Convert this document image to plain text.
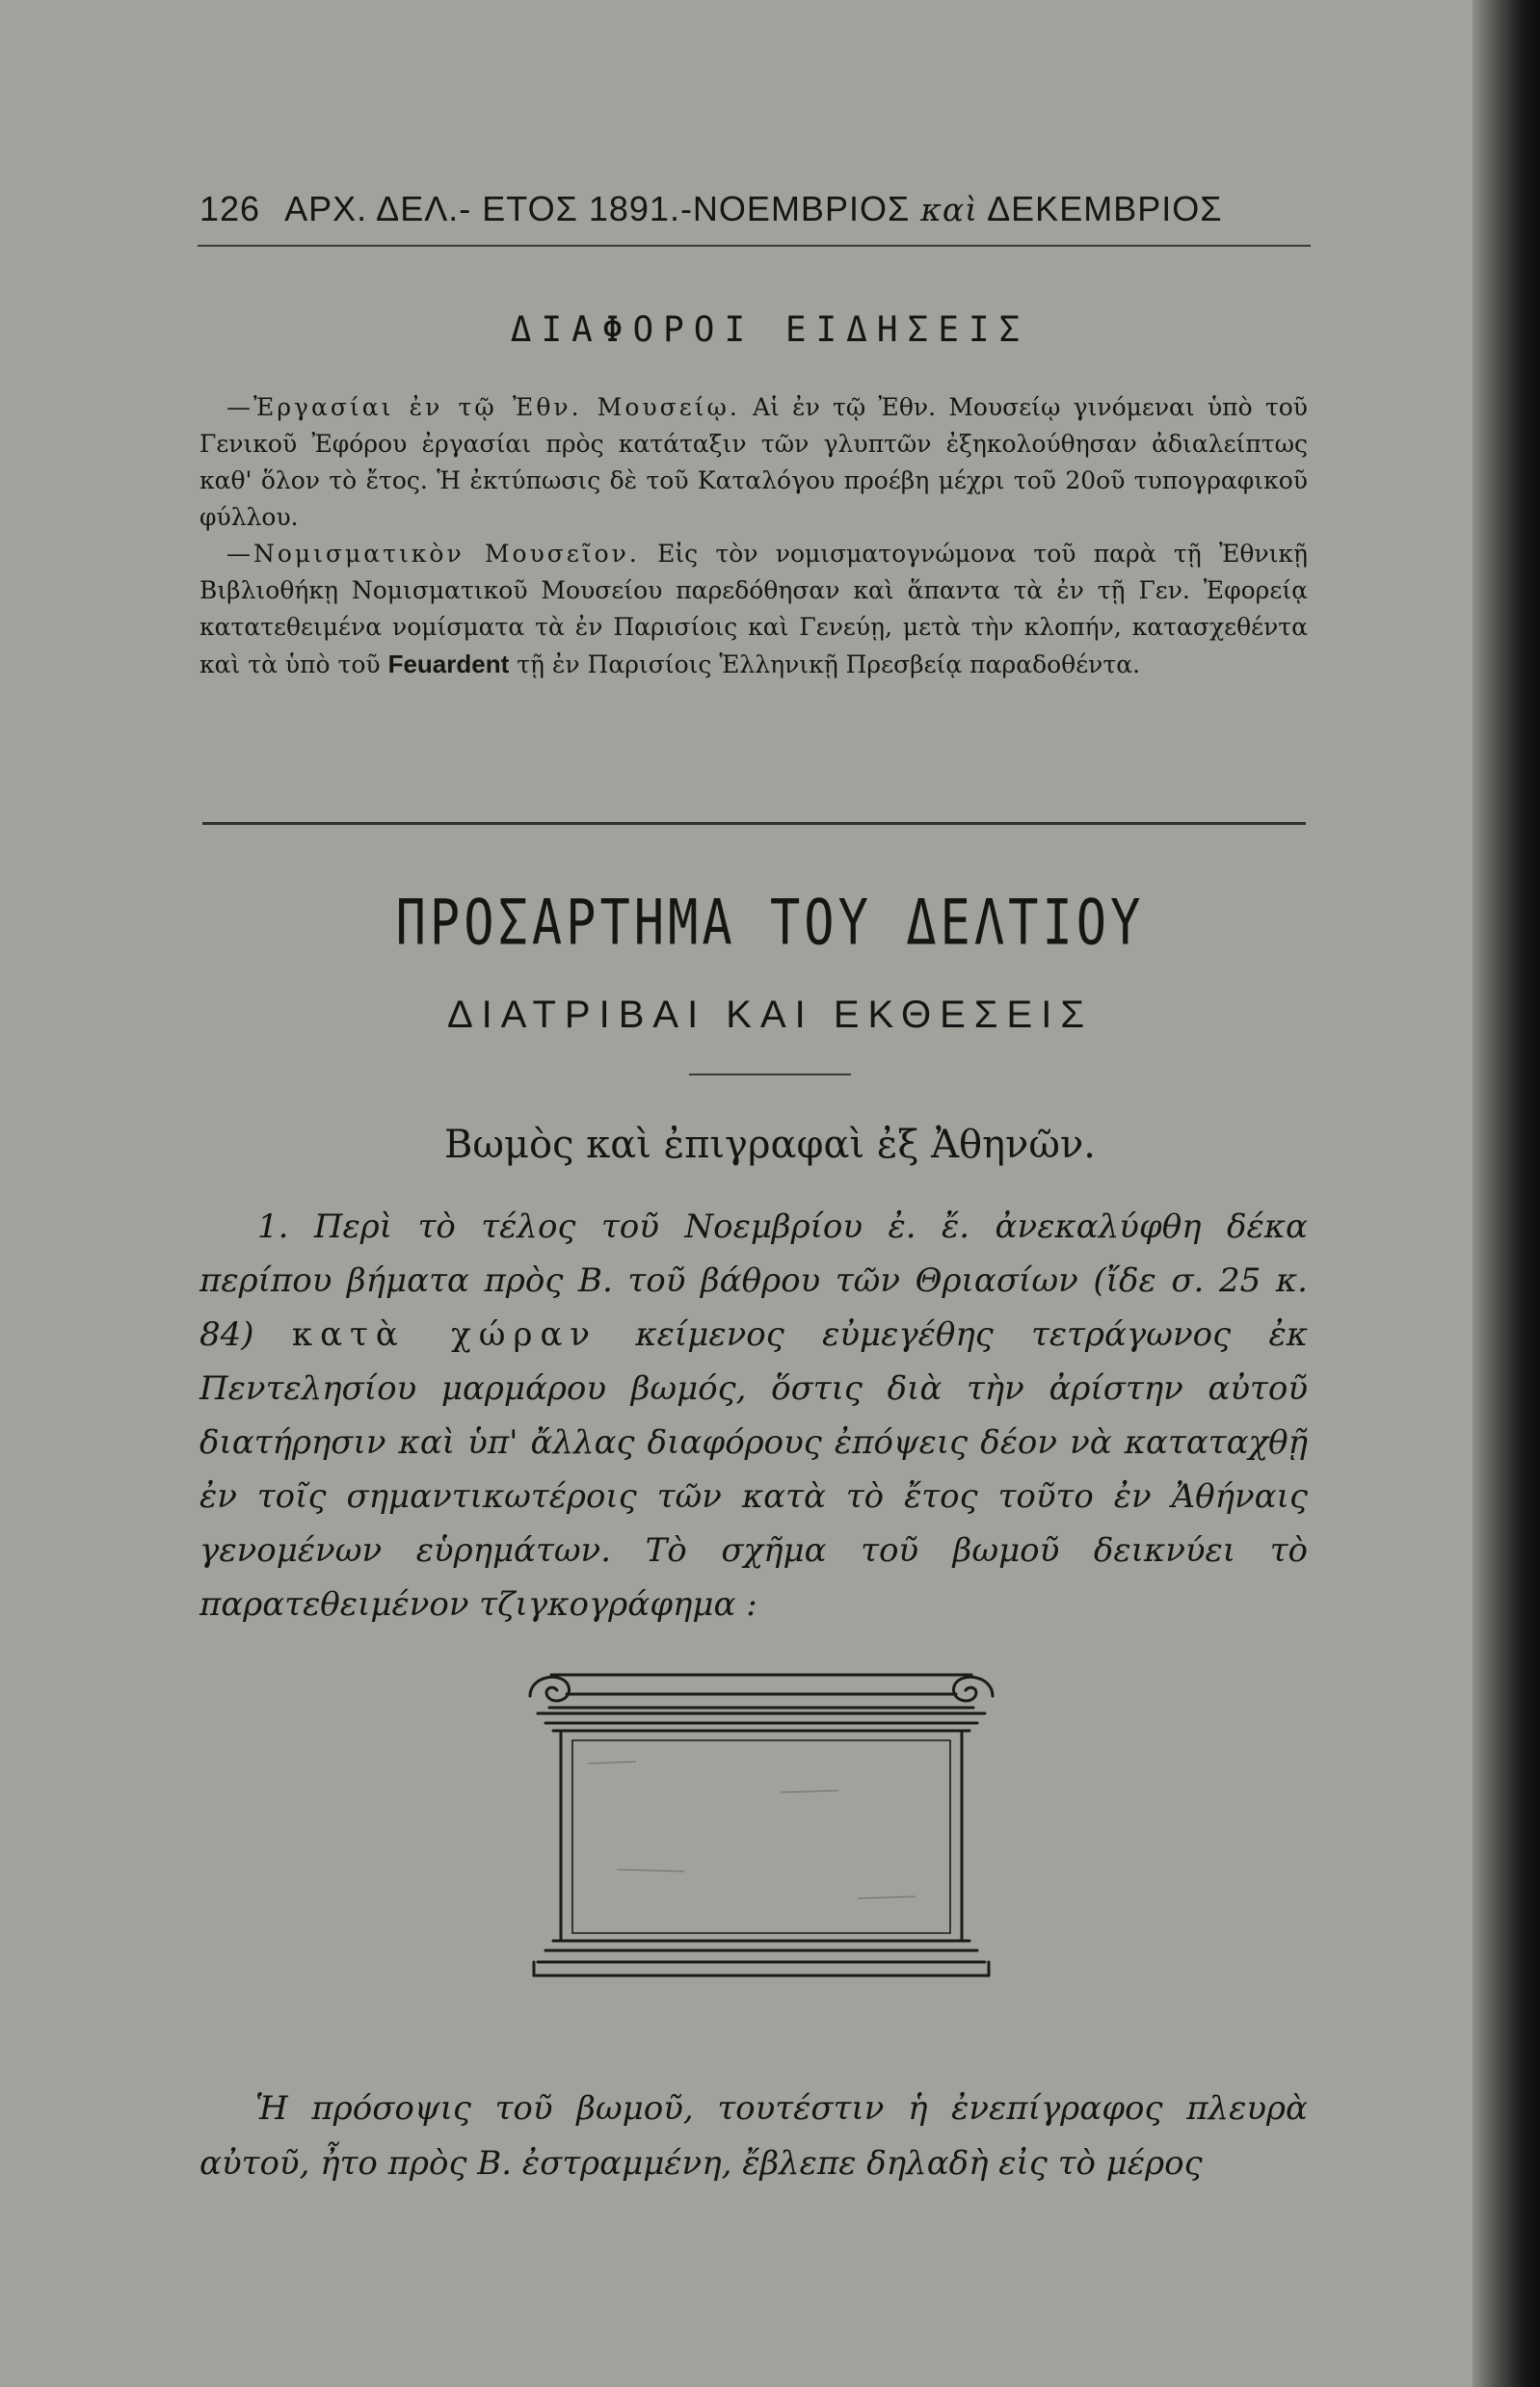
126 ΑΡΧ. ΔΕΛ.- ΕΤΟΣ 1891.-ΝΟΕΜΒΡΙΟΣ καὶ ΔΕΚΕΜΒΡΙΟΣ
ΔΙΑΦΟΡΟΙ ΕΙΔΗΣΕΙΣ

—Ἐργασίαι ἐν τῷ Ἐθν. Μουσείῳ. Αἱ ἐν τῷ Ἐθν. Μουσείῳ γινόμεναι ὑπὸ τοῦ Γενικοῦ Ἐφόρου ἐργασίαι πρὸς κατάταξιν τῶν γλυπτῶν ἐξηκολούθησαν ἀδιαλείπτως καθ' ὅλον τὸ ἔτος. Ἡ ἐκτύπωσις δὲ τοῦ Καταλόγου προέβη μέχρι τοῦ 20οῦ τυπογραφικοῦ φύλλου.

—Νομισματικὸν Μουσεῖον. Εἰς τὸν νομισματογνώμονα τοῦ παρὰ τῇ Ἐθνικῇ Βιβλιοθήκῃ Νομισματικοῦ Μουσείου παρεδόθησαν καὶ ἅπαντα τὰ ἐν τῇ Γεν. Ἐφορείᾳ κατατεθειμένα νομίσματα τὰ ἐν Παρισίοις καὶ Γενεύῃ, μετὰ τὴν κλοπήν, κατασχεθέντα καὶ τὰ ὑπὸ τοῦ Feuardent τῇ ἐν Παρισίοις Ἑλληνικῇ Πρεσβείᾳ παραδοθέντα.

ΠΡΟΣΑΡΤΗΜΑ ΤΟΥ ΔΕΛΤΙΟΥ
ΔΙΑΤΡΙΒΑΙ ΚΑΙ ΕΚΘΕΣΕΙΣ
Βωμὸς καὶ ἐπιγραφαὶ ἐξ Ἀθηνῶν.

1. Περὶ τὸ τέλος τοῦ Νοεμβρίου ἐ. ἔ. ἀνεκαλύφθη δέκα περίπου βήματα πρὸς Β. τοῦ βάθρου τῶν Θριασίων (ἴδε σ. 25 κ. 84) κατὰ χώραν κείμενος εὐμεγέθης τετράγωνος ἐκ Πεντελησίου μαρμάρου βωμός, ὅστις διὰ τὴν ἀρίστην αὐτοῦ διατήρησιν καὶ ὑπ' ἄλλας διαφόρους ἐπόψεις δέον νὰ καταταχθῇ ἐν τοῖς σημαντικωτέροις τῶν κατὰ τὸ ἔτος τοῦτο ἐν Ἀθήναις γενομένων εὑρημάτων. Τὸ σχῆμα τοῦ βωμοῦ δεικνύει τὸ παρατεθειμένον τζιγκογράφημα :

Ἡ πρόσοψις τοῦ βωμοῦ, τουτέστιν ἡ ἐνεπίγραφος πλευρὰ αὐτοῦ, ἦτο πρὸς Β. ἐστραμμένη, ἔβλεπε δηλαδὴ εἰς τὸ μέρος
